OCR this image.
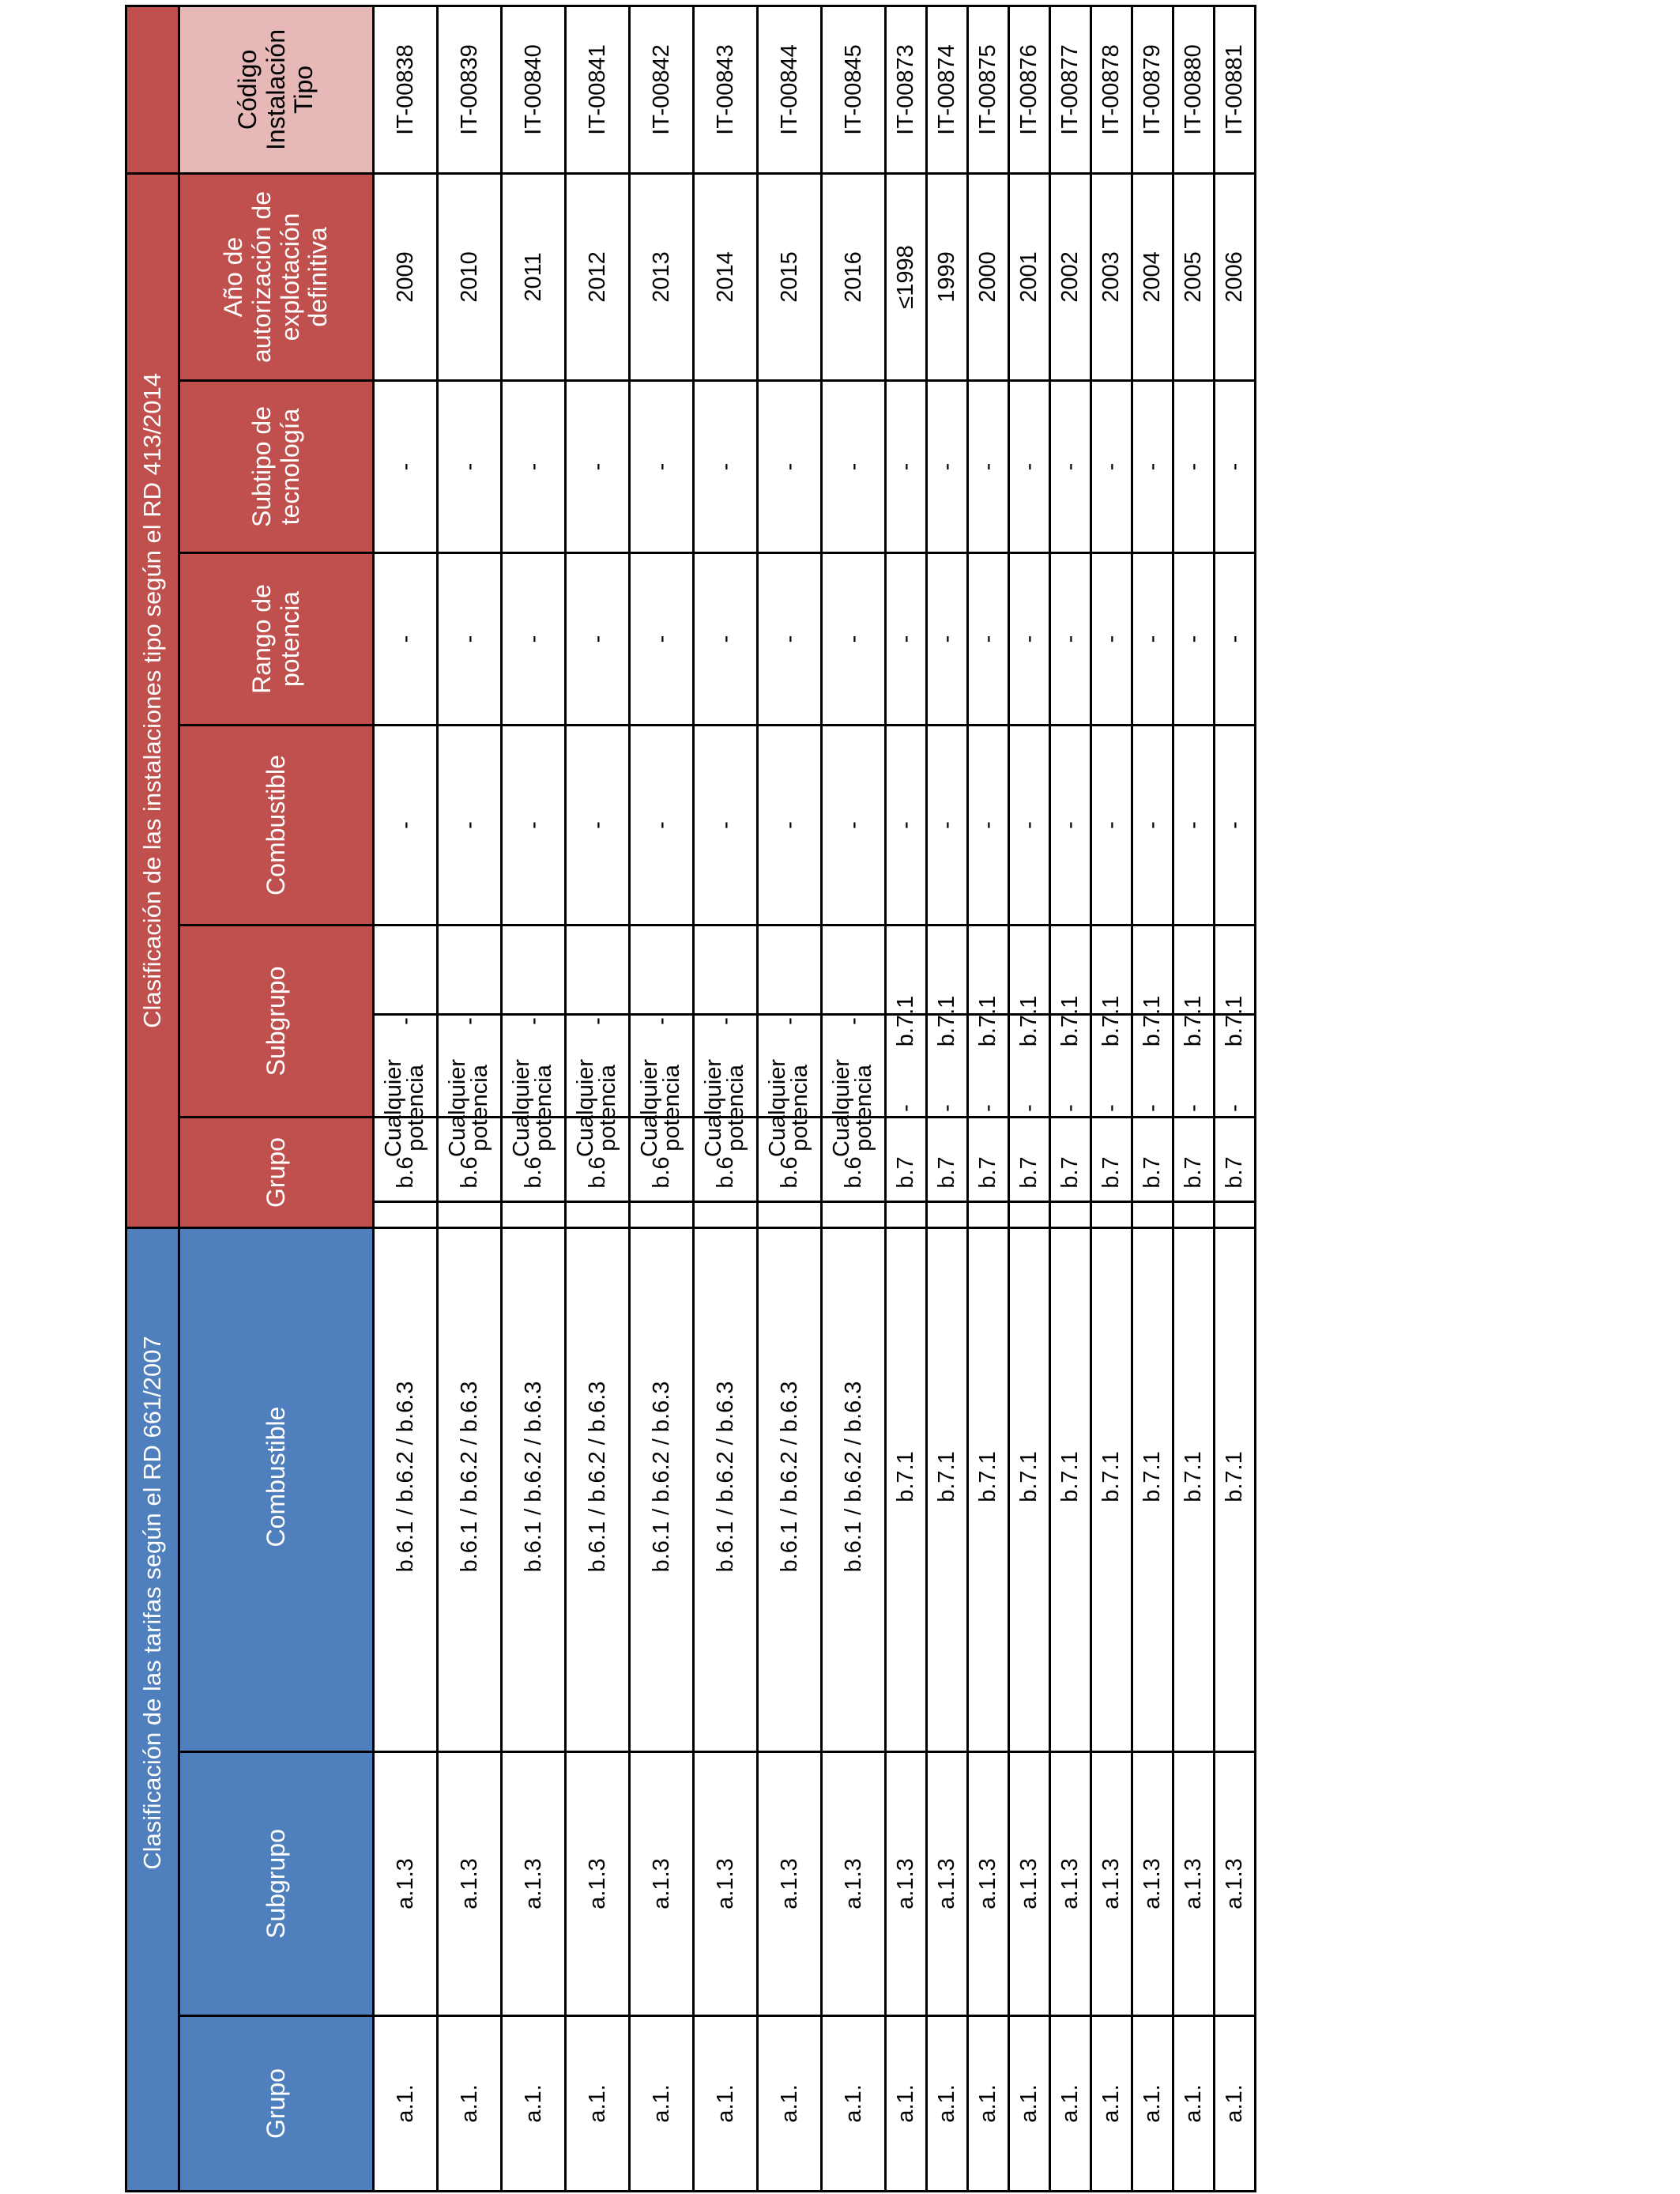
Clasificación de las tarifas según el RD 661/2007			
Grupo	Subgrupo	Combustible	
a.1.	a.1.3	b.6.1 / b.6.2 / b.6.3	Cualquier potencia
a.1.	a.1.3	b.6.1 / b.6.2 / b.6.3	Cualquier potencia
a.1.	a.1.3	b.6.1 / b.6.2 / b.6.3	Cualquier potencia
a.1.	a.1.3	b.6.1 / b.6.2 / b.6.3	Cualquier potencia
a.1.	a.1.3	b.6.1 / b.6.2 / b.6.3	Cualquier potencia
a.1.	a.1.3	b.6.1 / b.6.2 / b.6.3	Cualquier potencia
a.1.	a.1.3	b.6.1 / b.6.2 / b.6.3	Cualquier potencia
a.1.	a.1.3	b.6.1 / b.6.2 / b.6.3	Cualquier potencia
a.1.	a.1.3	b.7.1	-
a.1.	a.1.3	b.7.1	-
a.1.	a.1.3	b.7.1	-
a.1.	a.1.3	b.7.1	-
a.1.	a.1.3	b.7.1	-
a.1.	a.1.3	b.7.1	-
a.1.	a.1.3	b.7.1	-
a.1.	a.1.3	b.7.1	-
a.1.	a.1.3	b.7.1	-
Clasificación de las instalaciones tipo según el RD 413/2014						
Grupo	Subgrupo	Combustible	Rango de potencia	Subtipo de tecnología	Año de autorización de explotación definitiva	Código Instalación Tipo
b.6	-	-	-	-	2009	IT-00838
b.6	-	-	-	-	2010	IT-00839
b.6	-	-	-	-	2011	IT-00840
b.6	-	-	-	-	2012	IT-00841
b.6	-	-	-	-	2013	IT-00842
b.6	-	-	-	-	2014	IT-00843
b.6	-	-	-	-	2015	IT-00844
b.6	-	-	-	-	2016	IT-00845
b.7	b.7.1	-	-	-	≤1998	IT-00873
b.7	b.7.1	-	-	-	1999	IT-00874
b.7	b.7.1	-	-	-	2000	IT-00875
b.7	b.7.1	-	-	-	2001	IT-00876
b.7	b.7.1	-	-	-	2002	IT-00877
b.7	b.7.1	-	-	-	2003	IT-00878
b.7	b.7.1	-	-	-	2004	IT-00879
b.7	b.7.1	-	-	-	2005	IT-00880
b.7	b.7.1	-	-	-	2006	IT-00881
